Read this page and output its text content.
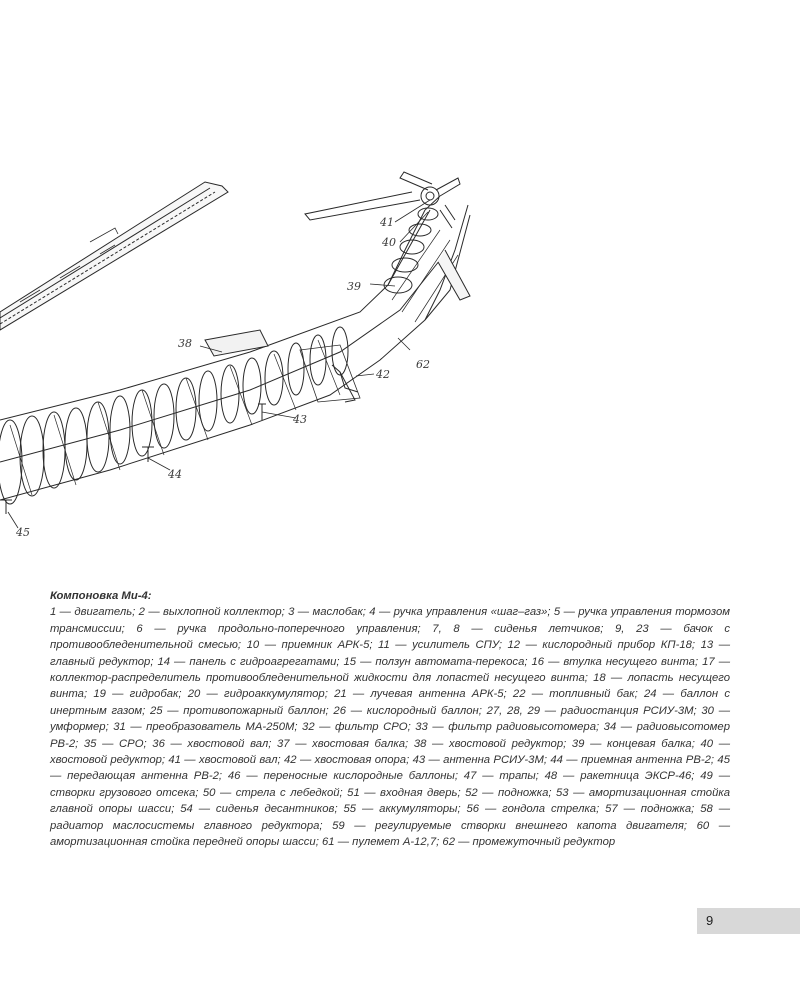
41
40
39
38
62
42
43
44
45
Компоновка Ми-4:
1 — двигатель; 2 — выхлопной коллектор; 3 — маслобак; 4 — ручка управления «шаг–газ»; 5 — ручка управления тормозом трансмиссии; 6 — ручка продольно-поперечного управления; 7, 8 — сиденья летчиков; 9, 23 — бачок с противообледенительной смесью; 10 — приемник АРК-5; 11 — усилитель СПУ; 12 — кислородный прибор КП-18; 13 — главный редуктор; 14 — панель с гидроагрегатами; 15 — ползун автомата-перекоса; 16 — втулка несущего винта; 17 — коллектор-распределитель противообледенительной жидкости для лопастей несущего винта; 18 — лопасть несущего винта; 19 — гидробак; 20 — гидроаккумулятор; 21 — лучевая антенна АРК-5; 22 — топливный бак; 24 — баллон с инертным газом; 25 — противопожарный баллон; 26 — кислородный баллон; 27, 28, 29 — радиостанция РСИУ-3М; 30 — умформер; 31 — преобразователь МА-250М; 32 — фильтр СРО; 33 — фильтр радиовысотомера; 34 — радиовысотомер РВ-2; 35 — СРО; 36 — хвостовой вал; 37 — хвостовая балка; 38 — хвостовой редуктор; 39 — концевая балка; 40 — хвостовой редуктор; 41 — хвостовой вал; 42 — хвостовая опора; 43 — антенна РСИУ-3М; 44 — приемная антенна РВ-2; 45 — передающая антенна РВ-2; 46 — переносные кислородные баллоны; 47 — трапы; 48 — ракетница ЭКСР-46; 49 — створки грузового отсека; 50 — стрела с лебедкой; 51 — входная дверь; 52 — подножка; 53 — амортизационная стойка главной опоры шасси; 54 — сиденья десантников; 55 — аккумуляторы; 56 — гондола стрелка; 57 — подножка; 58 — радиатор маслосистемы главного редуктора; 59 — регулируемые створки внешнего капота двигателя; 60 — амортизационная стойка передней опоры шасси; 61 — пулемет А-12,7; 62 — промежуточный редуктор
9
